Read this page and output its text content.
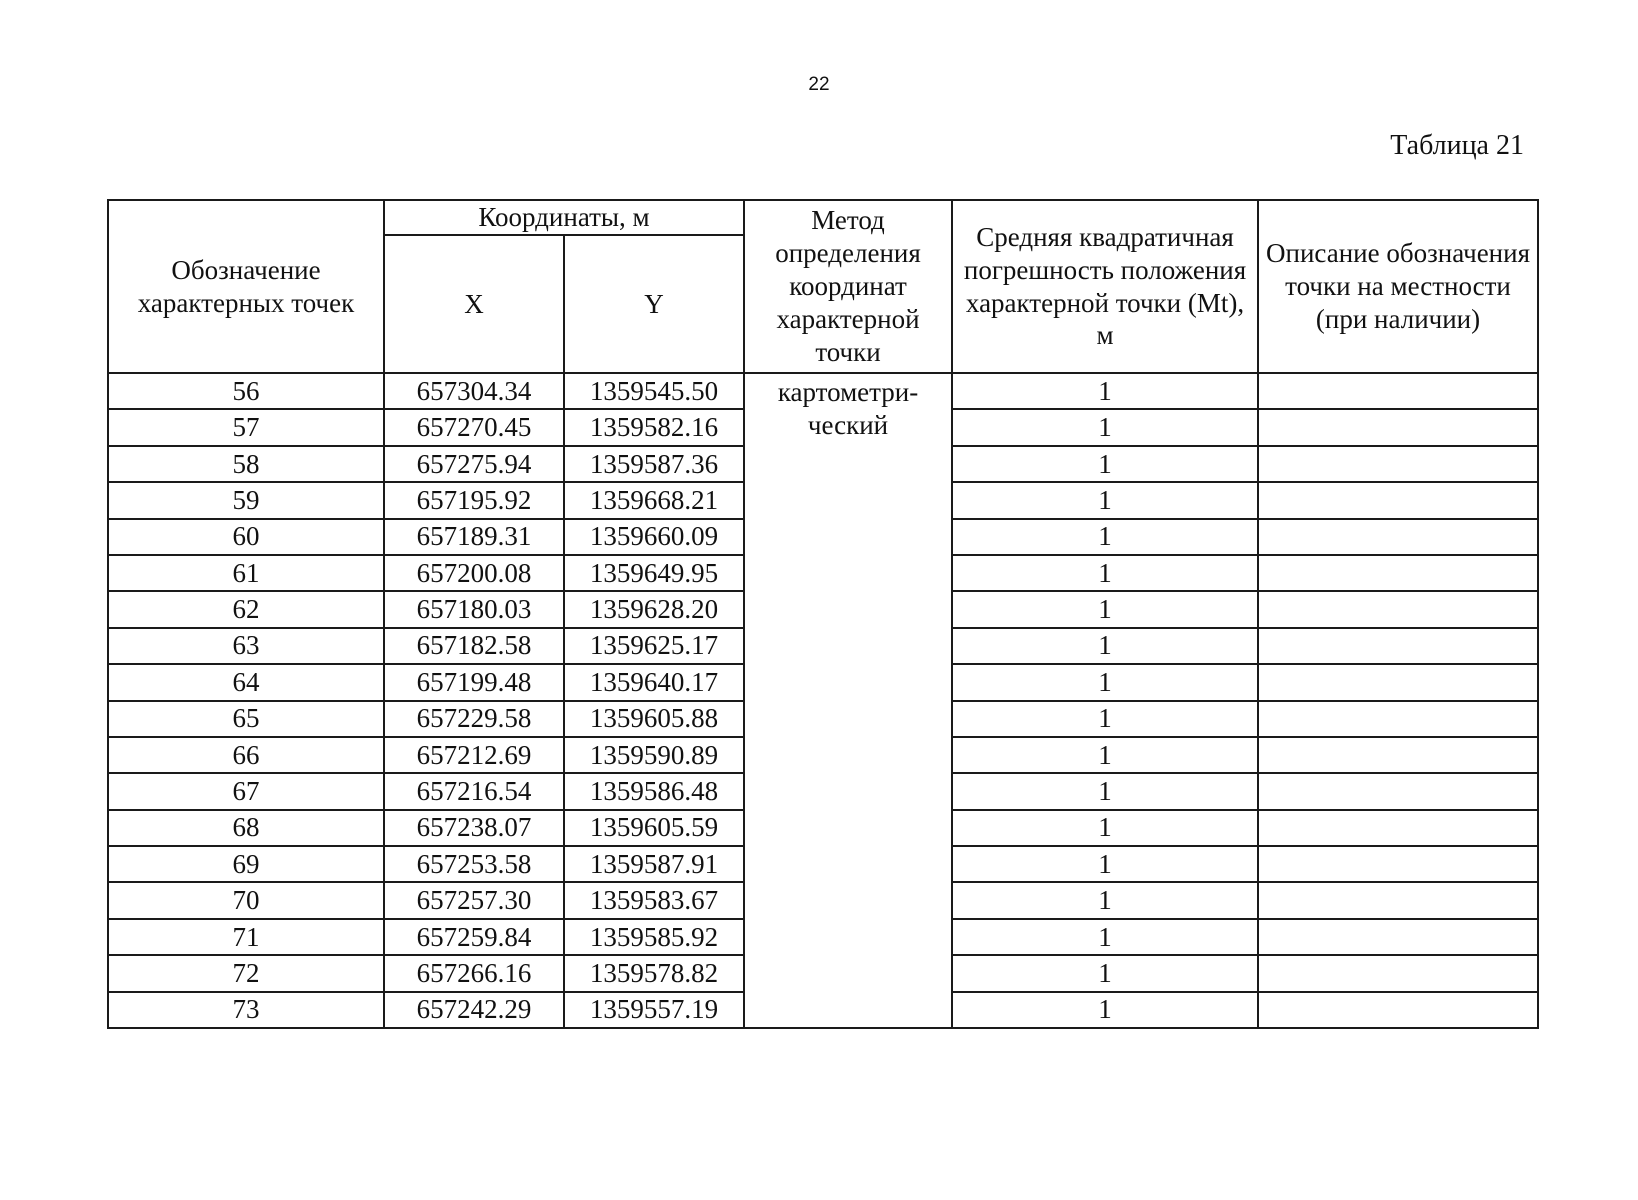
22
Таблица 21
Обозначение характерных точек	Координаты, м		Метод определения координат характерной точки	Средняя квадратичная погрешность положения характерной точки (Mt), м	Описание обозначения точки на местности (при наличии)
	X	Y			
56	657304.34	1359545.50	картометри-ческий	1	
57	657270.45	1359582.16		1	
58	657275.94	1359587.36		1	
59	657195.92	1359668.21		1	
60	657189.31	1359660.09		1	
61	657200.08	1359649.95		1	
62	657180.03	1359628.20		1	
63	657182.58	1359625.17		1	
64	657199.48	1359640.17		1	
65	657229.58	1359605.88		1	
66	657212.69	1359590.89		1	
67	657216.54	1359586.48		1	
68	657238.07	1359605.59		1	
69	657253.58	1359587.91		1	
70	657257.30	1359583.67		1	
71	657259.84	1359585.92		1	
72	657266.16	1359578.82		1	
73	657242.29	1359557.19		1	
